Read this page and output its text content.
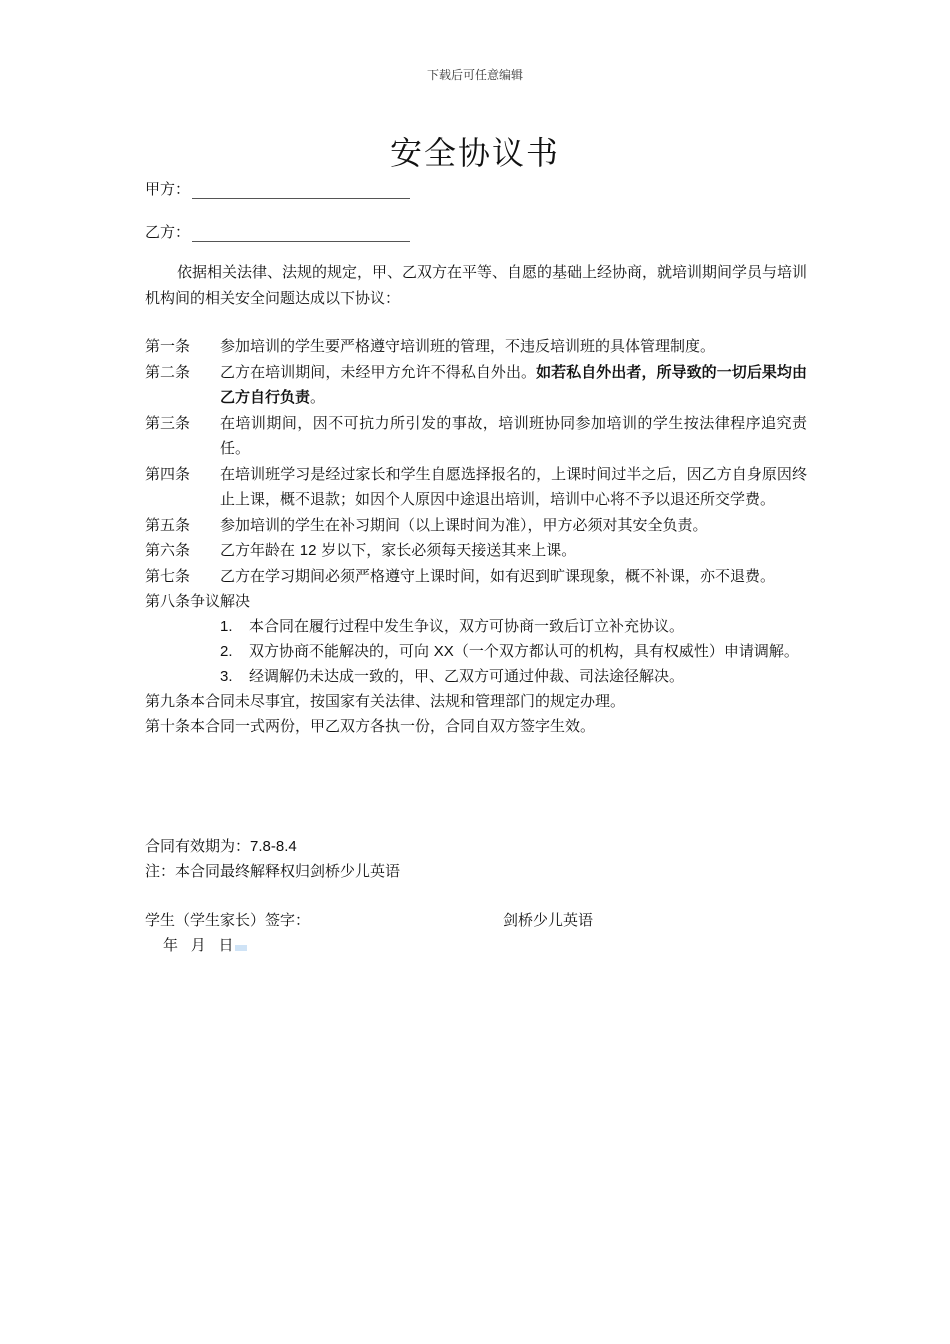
下载后可任意编辑
安全协议书
甲方：
乙方：
依据相关法律、法规的规定，甲、乙双方在平等、自愿的基础上经协商，就培训期间学员与培训机构间的相关安全问题达成以下协议：
第一条	参加培训的学生要严格遵守培训班的管理，不违反培训班的具体管理制度。
第二条	乙方在培训期间，未经甲方允许不得私自外出。如若私自外出者，所导致的一切后果均由乙方自行负责。
第三条	在培训期间，因不可抗力所引发的事故，培训班协同参加培训的学生按法律程序追究责任。
第四条	在培训班学习是经过家长和学生自愿选择报名的，上课时间过半之后，因乙方自身原因终止上课，概不退款；如因个人原因中途退出培训，培训中心将不予以退还所交学费。
第五条	参加培训的学生在补习期间（以上课时间为准），甲方必须对其安全负责。
第六条	乙方年龄在 12 岁以下，家长必须每天接送其来上课。
第七条	乙方在学习期间必须严格遵守上课时间，如有迟到旷课现象，概不补课，亦不退费。
第八条争议解决
1.	本合同在履行过程中发生争议，双方可协商一致后订立补充协议。
2.	双方协商不能解决的，可向 XX（一个双方都认可的机构，具有权威性）申请调解。
3.	经调解仍未达成一致的，甲、乙双方可通过仲裁、司法途径解决。
第九条本合同未尽事宜，按国家有关法律、法规和管理部门的规定办理。
第十条本合同一式两份，甲乙双方各执一份，合同自双方签字生效。
合同有效期为：7.8-8.4
注：本合同最终解释权归剑桥少儿英语
学生（学生家长）签字：	剑桥少儿英语
年 月 日
